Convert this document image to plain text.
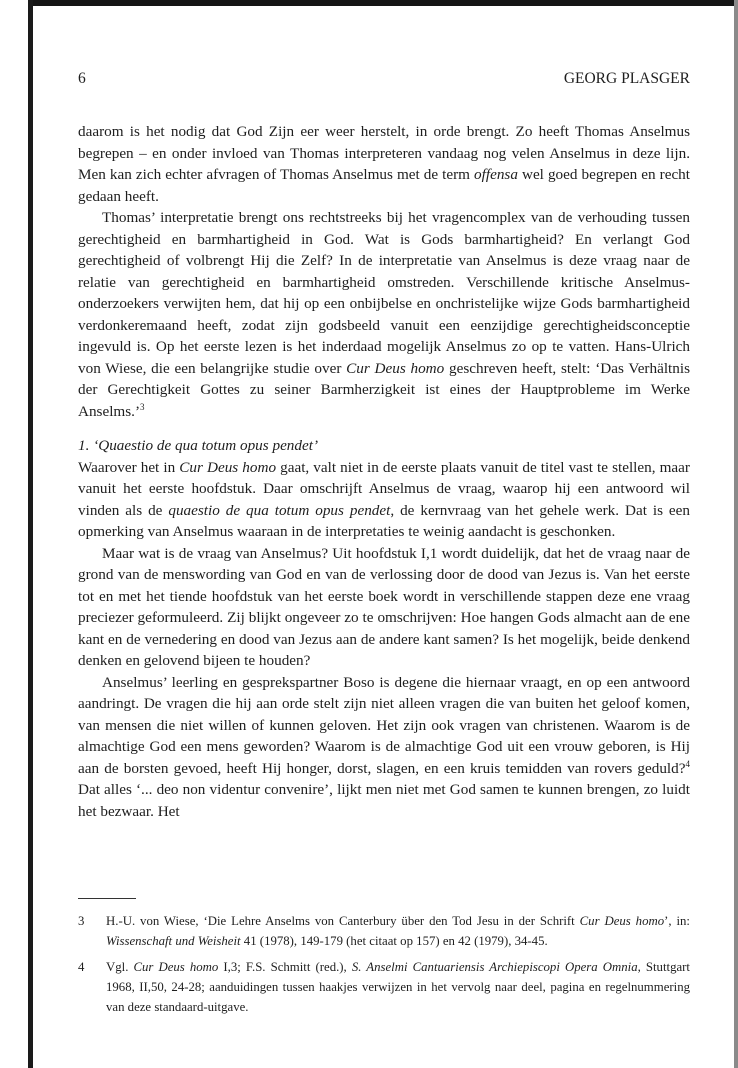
6	GEORG PLASGER

daarom is het nodig dat God Zijn eer weer herstelt, in orde brengt. Zo heeft Thomas Anselmus begrepen – en onder invloed van Thomas interpreteren vandaag nog velen Anselmus in deze lijn. Men kan zich echter afvragen of Thomas Anselmus met de term offensa wel goed begrepen en recht gedaan heeft.

Thomas’ interpretatie brengt ons rechtstreeks bij het vragencomplex van de verhouding tussen gerechtigheid en barmhartigheid in God. Wat is Gods barmhartigheid? En verlangt God gerechtigheid of volbrengt Hij die Zelf? In de interpretatie van Anselmus is deze vraag naar de relatie van gerechtigheid en barmhartigheid omstreden. Verschillende kritische Anselmus-onderzoekers verwijten hem, dat hij op een onbijbelse en onchristelijke wijze Gods barmhartigheid verdonkeremaand heeft, zodat zijn godsbeeld vanuit een eenzijdige gerechtigheidsconceptie ingevuld is. Op het eerste lezen is het inderdaad mogelijk Anselmus zo op te vatten. Hans-Ulrich von Wiese, die een belangrijke studie over Cur Deus homo geschreven heeft, stelt: ‘Das Verhältnis der Gerechtigkeit Gottes zu seiner Barmherzigkeit ist eines der Hauptprobleme im Werke Anselms.’$^3$

1. ‘Quaestio de qua totum opus pendet’

Waarover het in Cur Deus homo gaat, valt niet in de eerste plaats vanuit de titel vast te stellen, maar vanuit het eerste hoofdstuk. Daar omschrijft Anselmus de vraag, waarop hij een antwoord wil vinden als de quaestio de qua totum opus pendet, de kernvraag van het gehele werk. Dat is een opmerking van Anselmus waaraan in de interpretaties te weinig aandacht is geschonken.

Maar wat is de vraag van Anselmus? Uit hoofdstuk I,1 wordt duidelijk, dat het de vraag naar de grond van de menswording van God en van de verlossing door de dood van Jezus is. Van het eerste tot en met het tiende hoofdstuk van het eerste boek wordt in verschillende stappen deze ene vraag preciezer geformuleerd. Zij blijkt ongeveer zo te omschrijven: Hoe hangen Gods almacht aan de ene kant en de vernedering en dood van Jezus aan de andere kant samen? Is het mogelijk, beide denkend denken en gelovend bijeen te houden?

Anselmus’ leerling en gesprekspartner Boso is degene die hiernaar vraagt, en op een antwoord aandringt. De vragen die hij aan orde stelt zijn niet alleen vragen die van buiten het geloof komen, van mensen die niet willen of kunnen geloven. Het zijn ook vragen van christenen. Waarom is de almachtige God een mens geworden? Waarom is de almachtige God uit een vrouw geboren, is Hij aan de borsten gevoed, heeft Hij honger, dorst, slagen, en een kruis temidden van rovers geduld?$^4$ Dat alles ‘... deo non videntur convenire’, lijkt men niet met God samen te kunnen brengen, zo luidt het bezwaar. Het

3	H.-U. von Wiese, ‘Die Lehre Anselms von Canterbury über den Tod Jesu in der Schrift Cur Deus homo’, in: Wissenschaft und Weisheit 41 (1978), 149-179 (het citaat op 157) en 42 (1979), 34-45.
4	Vgl. Cur Deus homo I,3; F.S. Schmitt (red.), S. Anselmi Cantuariensis Archiepiscopi Opera Omnia, Stuttgart 1968, II,50, 24-28; aanduidingen tussen haakjes verwijzen in het vervolg naar deel, pagina en regelnummering van deze standaard-uitgave.
